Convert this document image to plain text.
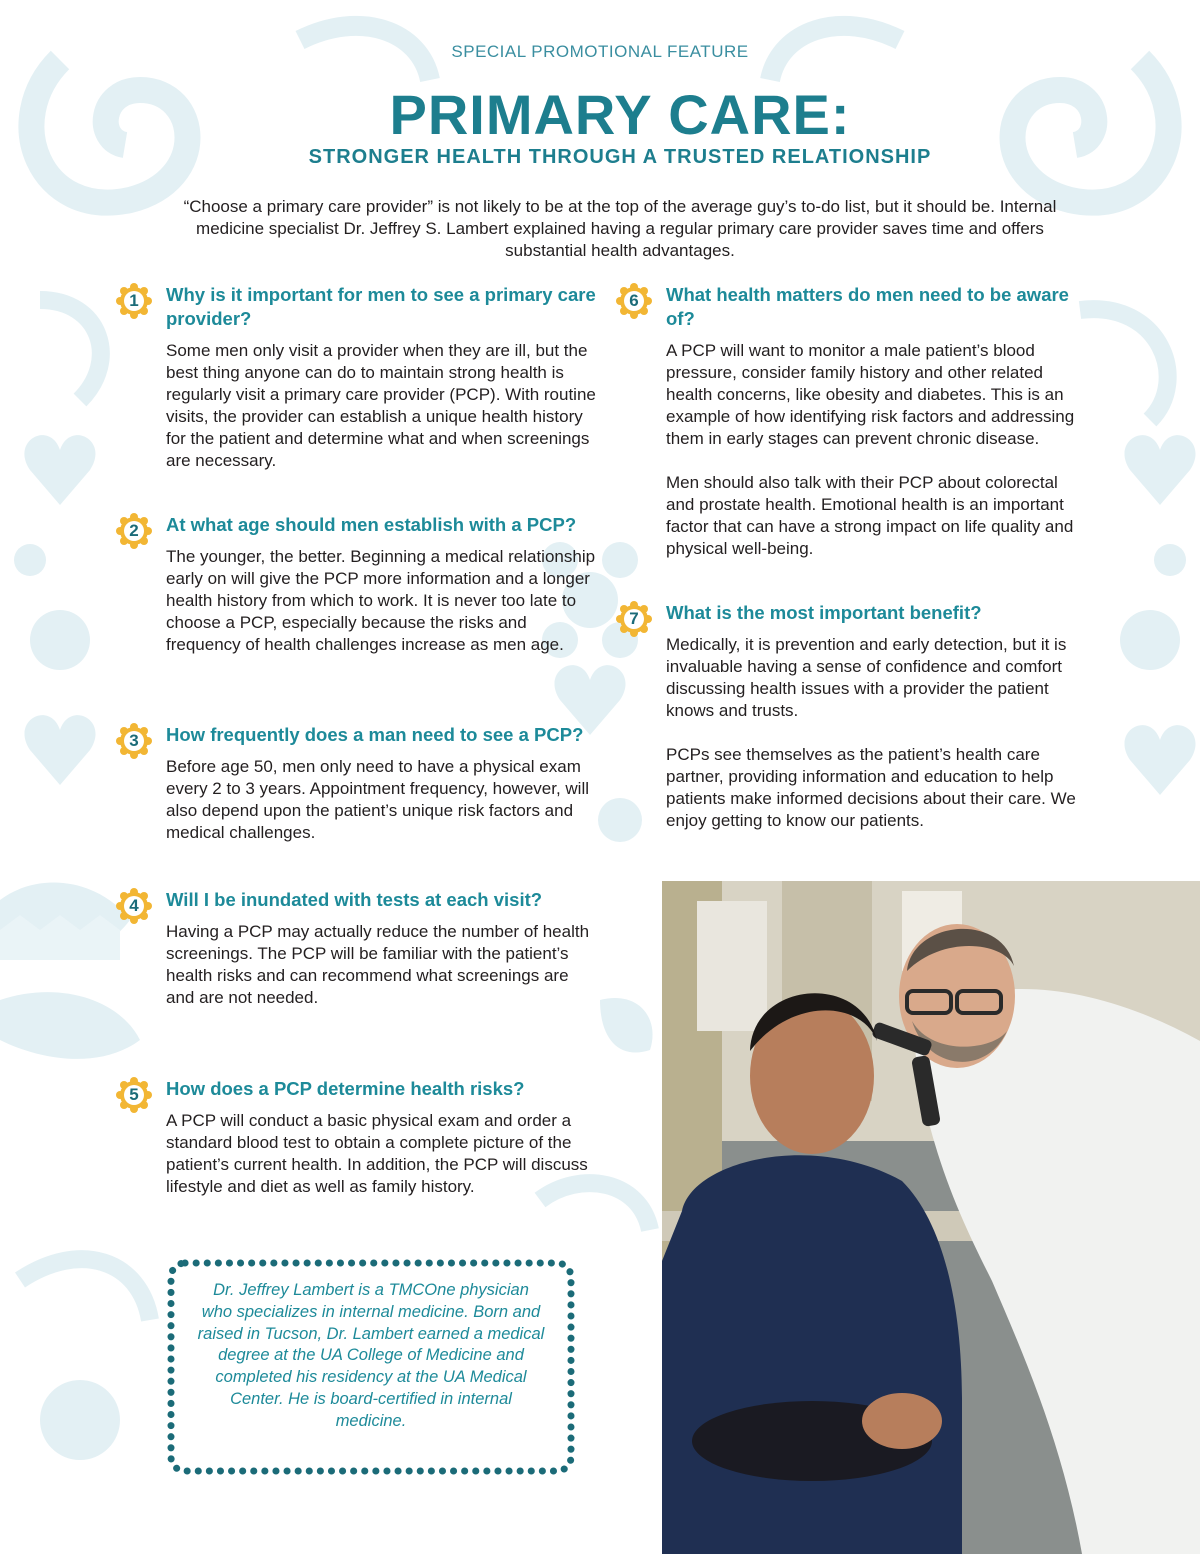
SPECIAL PROMOTIONAL FEATURE
PRIMARY CARE:
STRONGER HEALTH THROUGH A TRUSTED RELATIONSHIP

“Choose a primary care provider” is not likely to be at the top of the average guy’s to-do list, but it should be. Internal medicine specialist Dr. Jeffrey S. Lambert explained having a regular primary care provider saves time and offers substantial health advantages.

1	Why is it important for men to see a primary care provider?

Some men only visit a provider when they are ill, but the best thing anyone can do to maintain strong health is regularly visit a primary care provider (PCP). With routine visits, the provider can establish a unique health history for the patient and determine what and when screenings are necessary.

2	At what age should men establish with a PCP?

The younger, the better. Beginning a medical relationship early on will give the PCP more information and a longer health history from which to work. It is never too late to choose a PCP, especially because the risks and frequency of health challenges increase as men age.

3	How frequently does a man need to see a PCP?

Before age 50, men only need to have a physical exam every 2 to 3 years. Appointment frequency, however, will also depend upon the patient’s unique risk factors and medical challenges.

4	Will I be inundated with tests at each visit?

Having a PCP may actually reduce the number of health screenings. The PCP will be familiar with the patient’s health risks and can recommend what screenings are and are not needed.

5	How does a PCP determine health risks?

A PCP will conduct a basic physical exam and order a standard blood test to obtain a complete picture of the patient’s current health. In addition, the PCP will discuss lifestyle and diet as well as family history.

6	What health matters do men need to be aware of?

A PCP will want to monitor a male patient’s blood pressure, consider family history and other related health concerns, like obesity and diabetes. This is an example of how identifying risk factors and addressing them in early stages can prevent chronic disease.

Men should also talk with their PCP about colorectal and prostate health. Emotional health is an important factor that can have a strong impact on life quality and physical well-being.

7	What is the most important benefit?

Medically, it is prevention and early detection, but it is invaluable having a sense of confidence and comfort discussing health issues with a provider the patient knows and trusts.

PCPs see themselves as the patient’s health care partner, providing information and education to help patients make informed decisions about their care. We enjoy getting to know our patients.

Dr. Jeffrey Lambert is a TMCOne physician who specializes in internal medicine. Born and raised in Tucson, Dr. Lambert earned a medical degree at the UA College of Medicine and completed his residency at the UA Medical Center. He is board-certified in internal medicine.
